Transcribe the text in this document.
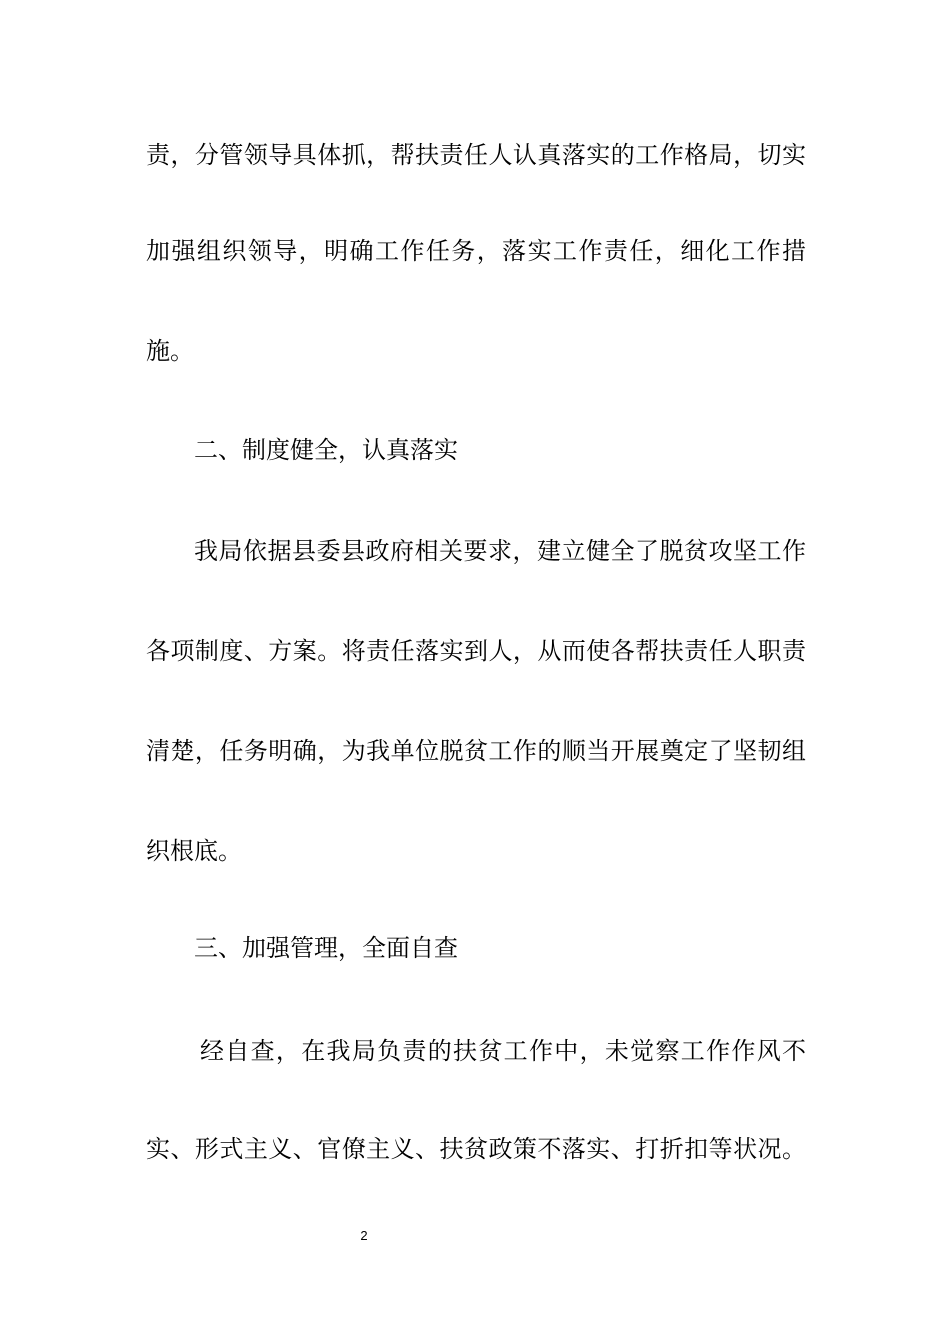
责，分管领导具体抓，帮扶责任人认真落实的工作格局，切实

加强组织领导，明确工作任务，落实工作责任，细化工作措

施。

二、制度健全，认真落实

我局依据县委县政府相关要求，建立健全了脱贫攻坚工作

各项制度、方案。将责任落实到人，从而使各帮扶责任人职责

清楚，任务明确，为我单位脱贫工作的顺当开展奠定了坚韧组

织根底。

三、加强管理，全面自查

经自查，在我局负责的扶贫工作中，未觉察工作作风不

实、形式主义、官僚主义、扶贫政策不落实、打折扣等状况。

2
